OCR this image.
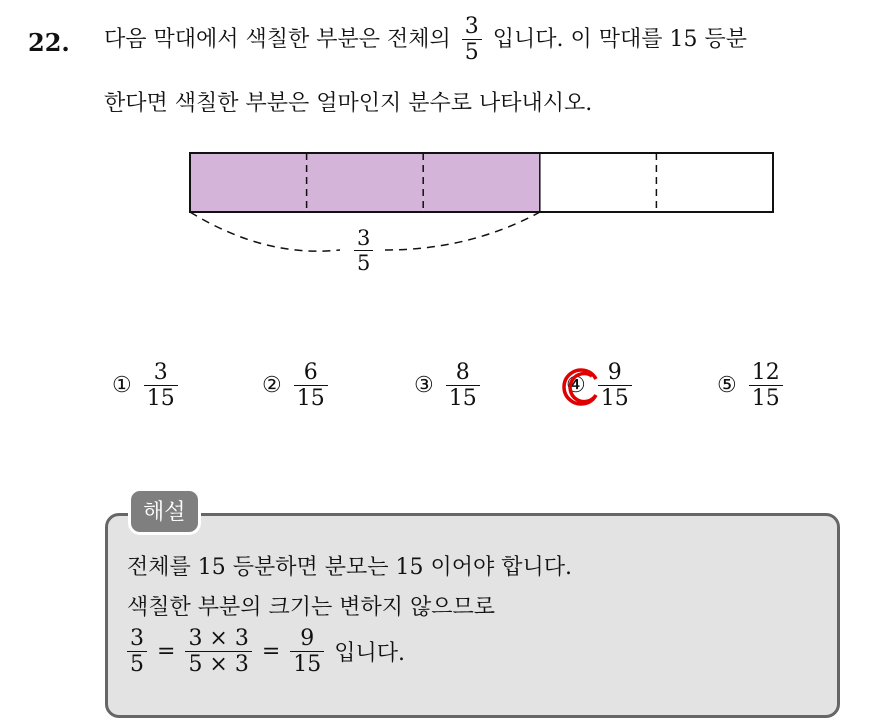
22. 다음 막대에서 색칠한 부분은 전체의 $\frac{3}{5}$ 입니다. 이 막대를 15 등분
한다면 색칠한 부분은 얼마인지 분수로 나타내시오.
$\frac{3}{5}$
① $\frac{3}{15}$	② $\frac{6}{15}$	③ $\frac{8}{15}$	④ $\frac{9}{15}$	⑤ $\frac{12}{15}$
해설
전체를 15 등분하면 분모는 15 이어야 합니다.
색칠한 부분의 크기는 변하지 않으므로
$\frac{3}{5} = \frac{3 \times 3}{5 \times 3} = \frac{9}{15}$ 입니다.
